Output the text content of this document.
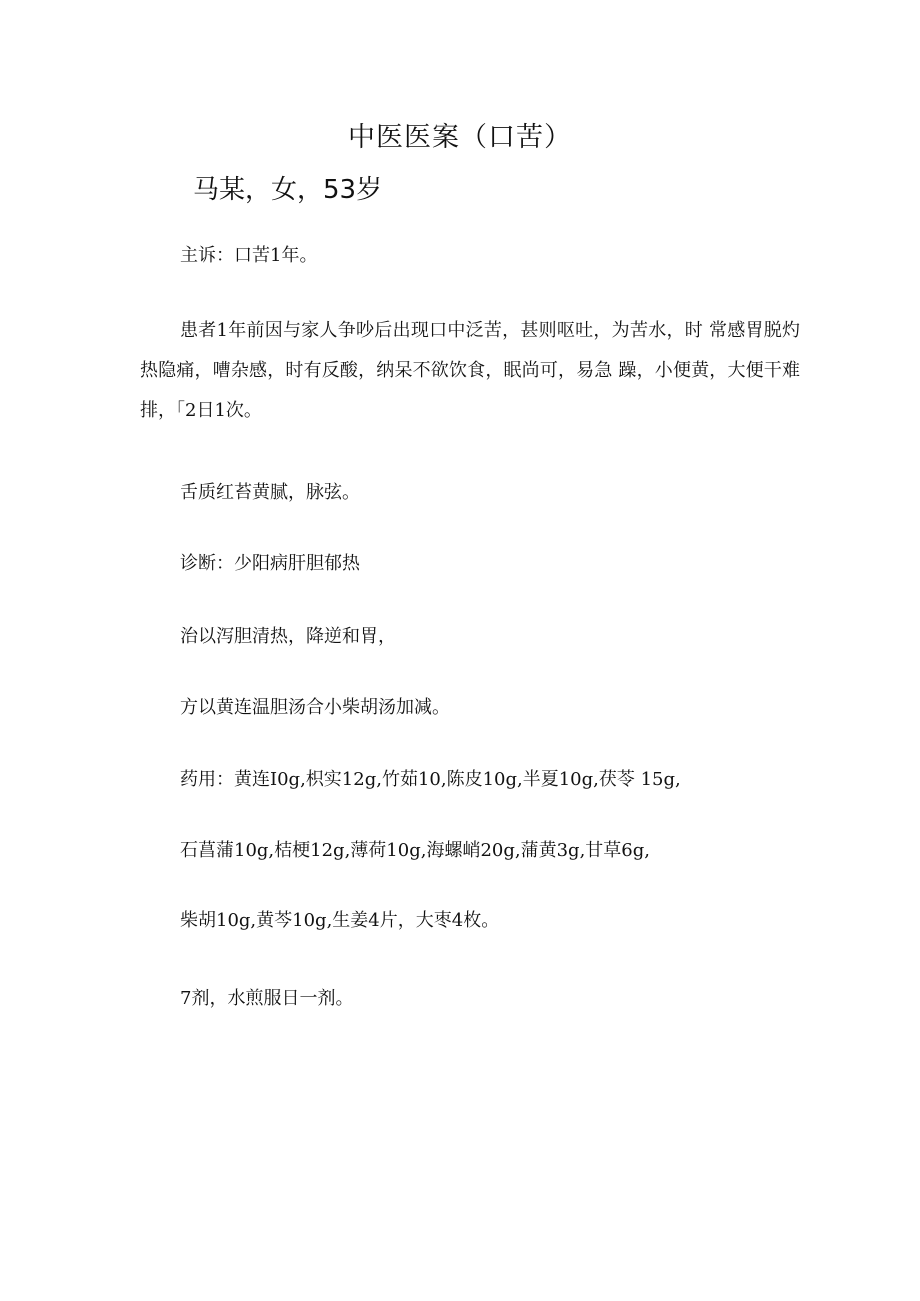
中医医案（口苦）
马某，女，53岁
主诉：口苦1年。
患者1年前因与家人争吵后出现口中泛苦，甚则呕吐，为苦水，时 常感胃脱灼热隐痛，嘈杂感，时有反酸，纳呆不欲饮食，眠尚可，易急 躁，小便黄，大便干难排，「2日1次。
舌质红苔黄腻，脉弦。
诊断：少阳病肝胆郁热
治以泻胆清热，降逆和胃，
方以黄连温胆汤合小柴胡汤加减。
药用：黄连I0g,枳实12g,竹茹10,陈皮10g,半夏10g,茯苓 15g,
石菖蒲10g,桔梗12g,薄荷10g,海螺峭20g,蒲黄3g,甘草6g,
柴胡10g,黄芩10g,生姜4片，大枣4枚。
7剂，水煎服日一剂。
